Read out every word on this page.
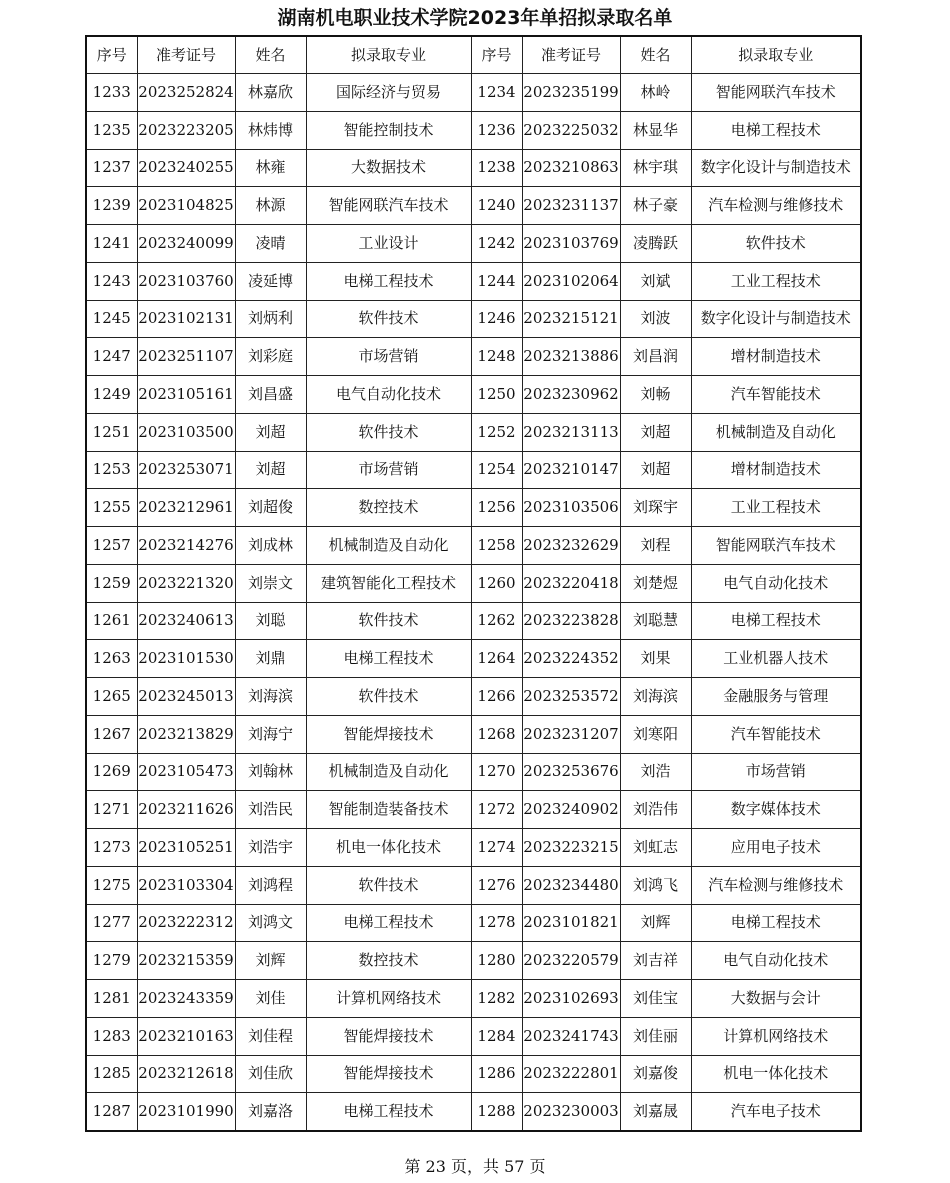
湖南机电职业技术学院2023年单招拟录取名单
序号	准考证号	姓名	拟录取专业	序号	准考证号	姓名	拟录取专业
1233	2023252824	林嘉欣	国际经济与贸易	1234	2023235199	林岭	智能网联汽车技术
1235	2023223205	林炜博	智能控制技术	1236	2023225032	林显华	电梯工程技术
1237	2023240255	林雍	大数据技术	1238	2023210863	林宇琪	数字化设计与制造技术
1239	2023104825	林源	智能网联汽车技术	1240	2023231137	林子豪	汽车检测与维修技术
1241	2023240099	凌晴	工业设计	1242	2023103769	凌腾跃	软件技术
1243	2023103760	凌延博	电梯工程技术	1244	2023102064	刘斌	工业工程技术
1245	2023102131	刘炳利	软件技术	1246	2023215121	刘波	数字化设计与制造技术
1247	2023251107	刘彩庭	市场营销	1248	2023213886	刘昌润	增材制造技术
1249	2023105161	刘昌盛	电气自动化技术	1250	2023230962	刘畅	汽车智能技术
1251	2023103500	刘超	软件技术	1252	2023213113	刘超	机械制造及自动化
1253	2023253071	刘超	市场营销	1254	2023210147	刘超	增材制造技术
1255	2023212961	刘超俊	数控技术	1256	2023103506	刘琛宇	工业工程技术
1257	2023214276	刘成林	机械制造及自动化	1258	2023232629	刘程	智能网联汽车技术
1259	2023221320	刘崇文	建筑智能化工程技术	1260	2023220418	刘楚煜	电气自动化技术
1261	2023240613	刘聪	软件技术	1262	2023223828	刘聪慧	电梯工程技术
1263	2023101530	刘鼎	电梯工程技术	1264	2023224352	刘果	工业机器人技术
1265	2023245013	刘海滨	软件技术	1266	2023253572	刘海滨	金融服务与管理
1267	2023213829	刘海宁	智能焊接技术	1268	2023231207	刘寒阳	汽车智能技术
1269	2023105473	刘翰林	机械制造及自动化	1270	2023253676	刘浩	市场营销
1271	2023211626	刘浩民	智能制造装备技术	1272	2023240902	刘浩伟	数字媒体技术
1273	2023105251	刘浩宇	机电一体化技术	1274	2023223215	刘虹志	应用电子技术
1275	2023103304	刘鸿程	软件技术	1276	2023234480	刘鸿飞	汽车检测与维修技术
1277	2023222312	刘鸿文	电梯工程技术	1278	2023101821	刘辉	电梯工程技术
1279	2023215359	刘辉	数控技术	1280	2023220579	刘吉祥	电气自动化技术
1281	2023243359	刘佳	计算机网络技术	1282	2023102693	刘佳宝	大数据与会计
1283	2023210163	刘佳程	智能焊接技术	1284	2023241743	刘佳丽	计算机网络技术
1285	2023212618	刘佳欣	智能焊接技术	1286	2023222801	刘嘉俊	机电一体化技术
1287	2023101990	刘嘉洛	电梯工程技术	1288	2023230003	刘嘉晟	汽车电子技术
第 23 页，共 57 页
